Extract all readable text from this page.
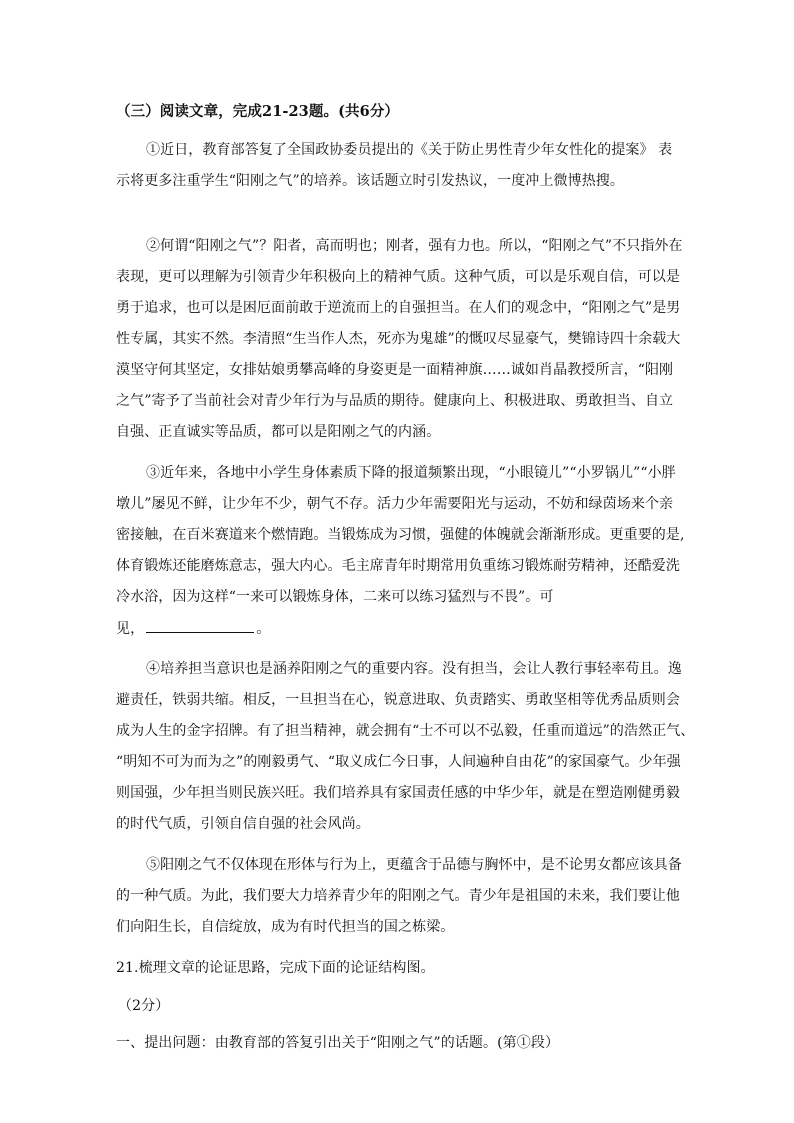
（三）阅读文章，完成21-23题。(共6分）
①近日，教育部答复了全国政协委员提出的《关于防止男性青少年女性化的提案》 表
示将更多注重学生“阳刚之气”的培养。该话题立时引发热议，一度冲上微博热搜。
②何谓“阳刚之气”？阳者，高而明也；刚者，强有力也。所以，“阳刚之气”不只指外在
表现，更可以理解为引领青少年积极向上的精神气质。这种气质，可以是乐观自信，可以是
勇于追求，也可以是困厄面前敢于逆流而上的自强担当。在人们的观念中，“阳刚之气”是男
性专属，其实不然。李清照“生当作人杰，死亦为鬼雄”的慨叹尽显豪气，樊锦诗四十余载大
漠坚守何其坚定，女排姑娘勇攀高峰的身姿更是一面精神旗……诚如肖晶教授所言，“阳刚
之气”寄予了当前社会对青少年行为与品质的期待。健康向上、积极进取、勇敢担当、自立
自强、正直诚实等品质，都可以是阳刚之气的内涵。
③近年来，各地中小学生身体素质下降的报道频繁出现，“小眼镜儿”“小罗锅儿”“小胖
墩儿”屡见不鲜，让少年不少，朝气不存。活力少年需要阳光与运动，不妨和绿茵场来个亲
密接触，在百米赛道来个燃情跑。当锻炼成为习惯，强健的体魄就会渐渐形成。更重要的是,
体育锻炼还能磨炼意志，强大内心。毛主席青年时期常用负重练习锻炼耐劳精神，还酷爱洗
冷水浴，因为这样“一来可以锻炼身体，二来可以练习猛烈与不畏”。可
见，	。
④培养担当意识也是涵养阳刚之气的重要内容。没有担当，会让人教行事轻率苟且。逸
避责任，铁弱共缩。相反，一旦担当在心，锐意进取、负责踏实、勇敢坚相等优秀品质则会
成为人生的金字招牌。有了担当精神，就会拥有“士不可以不弘毅，任重而道远”的浩然正气、
“明知不可为而为之”的刚毅勇气、“取义成仁今日事，人间遍种自由花”的家国豪气。少年强
则国强，少年担当则民族兴旺。我们培养具有家国责任感的中华少年，就是在塑造刚健勇毅
的时代气质，引领自信自强的社会风尚。
⑤阳刚之气不仅体现在形体与行为上，更蕴含于品德与胸怀中，是不论男女都应该具备
的一种气质。为此，我们要大力培养青少年的阳刚之气。青少年是祖国的未来，我们要让他
们向阳生长，自信绽放，成为有时代担当的国之栋梁。
21.梳理文章的论证思路，完成下面的论证结构图。
（2分）
一、提出问题：由教育部的答复引出关于“阳刚之气”的话题。(第①段）
